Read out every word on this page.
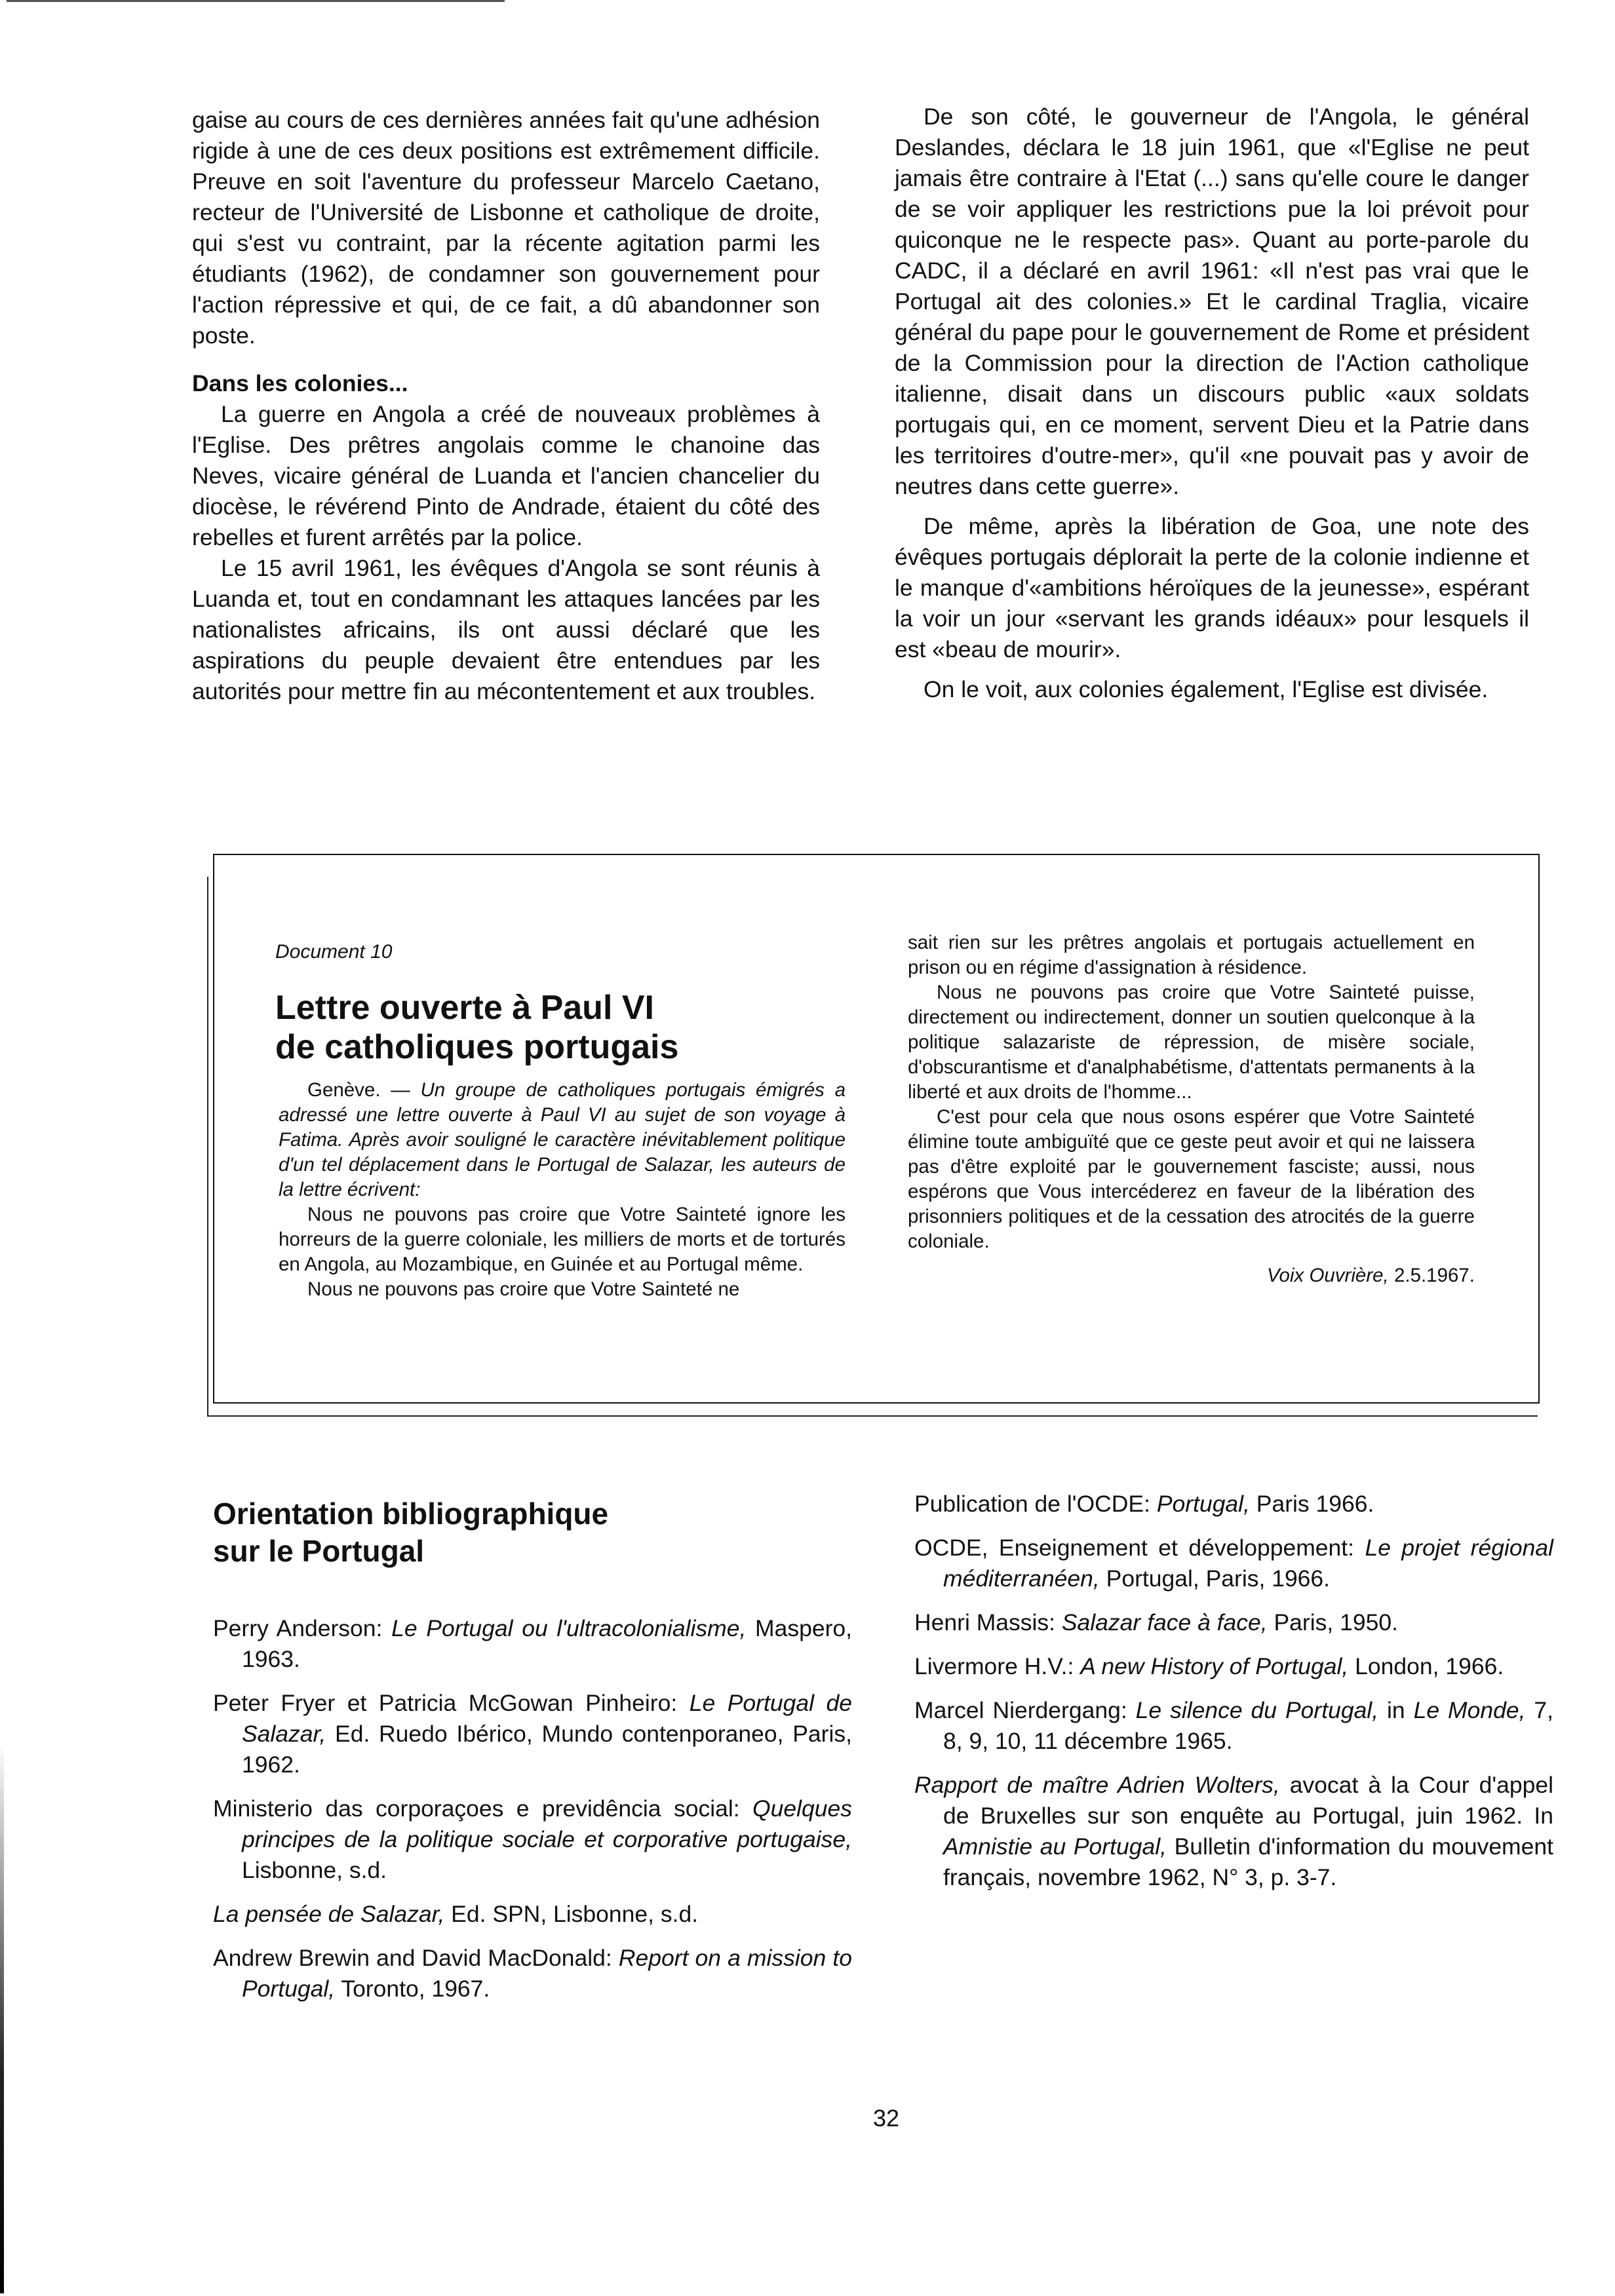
gaise au cours de ces dernières années fait qu'une adhésion rigide à une de ces deux positions est extrêmement difficile. Preuve en soit l'aventure du professeur Marcelo Caetano, recteur de l'Université de Lisbonne et catholique de droite, qui s'est vu contraint, par la récente agitation parmi les étudiants (1962), de condamner son gouvernement pour l'action répressive et qui, de ce fait, a dû abandonner son poste.

Dans les colonies...

La guerre en Angola a créé de nouveaux problèmes à l'Eglise. Des prêtres angolais comme le chanoine das Neves, vicaire général de Luanda et l'ancien chancelier du diocèse, le révérend Pinto de Andrade, étaient du côté des rebelles et furent arrêtés par la police.

Le 15 avril 1961, les évêques d'Angola se sont réunis à Luanda et, tout en condamnant les attaques lancées par les nationalistes africains, ils ont aussi déclaré que les aspirations du peuple devaient être entendues par les autorités pour mettre fin au mécontentement et aux troubles.

De son côté, le gouverneur de l'Angola, le général Deslandes, déclara le 18 juin 1961, que «l'Eglise ne peut jamais être contraire à l'Etat (...) sans qu'elle coure le danger de se voir appliquer les restrictions pue la loi prévoit pour quiconque ne le respecte pas». Quant au porte-parole du CADC, il a déclaré en avril 1961: «Il n'est pas vrai que le Portugal ait des colonies.» Et le cardinal Traglia, vicaire général du pape pour le gouvernement de Rome et président de la Commission pour la direction de l'Action catholique italienne, disait dans un discours public «aux soldats portugais qui, en ce moment, servent Dieu et la Patrie dans les territoires d'outre-mer», qu'il «ne pouvait pas y avoir de neutres dans cette guerre».

De même, après la libération de Goa, une note des évêques portugais déplorait la perte de la colonie indienne et le manque d'«ambitions héroïques de la jeunesse», espérant la voir un jour «servant les grands idéaux» pour lesquels il est «beau de mourir».

On le voit, aux colonies également, l'Eglise est divisée.

Document 10
Lettre ouverte à Paul VI
de catholiques portugais

Genève. — Un groupe de catholiques portugais émigrés a adressé une lettre ouverte à Paul VI au sujet de son voyage à Fatima. Après avoir souligné le caractère inévitablement politique d'un tel déplacement dans le Portugal de Salazar, les auteurs de la lettre écrivent:

Nous ne pouvons pas croire que Votre Sainteté ignore les horreurs de la guerre coloniale, les milliers de morts et de torturés en Angola, au Mozambique, en Guinée et au Portugal même.

Nous ne pouvons pas croire que Votre Sainteté ne

sait rien sur les prêtres angolais et portugais actuellement en prison ou en régime d'assignation à résidence.

Nous ne pouvons pas croire que Votre Sainteté puisse, directement ou indirectement, donner un soutien quelconque à la politique salazariste de répression, de misère sociale, d'obscurantisme et d'analphabétisme, d'attentats permanents à la liberté et aux droits de l'homme...

C'est pour cela que nous osons espérer que Votre Sainteté élimine toute ambiguïté que ce geste peut avoir et qui ne laissera pas d'être exploité par le gouvernement fasciste; aussi, nous espérons que Vous intercéderez en faveur de la libération des prisonniers politiques et de la cessation des atrocités de la guerre coloniale.

Voix Ouvrière, 2.5.1967.

Orientation bibliographique
sur le Portugal

Perry Anderson: Le Portugal ou l'ultracolonialisme, Maspero, 1963.

Peter Fryer et Patricia McGowan Pinheiro: Le Portugal de Salazar, Ed. Ruedo Ibérico, Mundo contenporaneo, Paris, 1962.

Ministerio das corporaçoes e previdência social: Quelques principes de la politique sociale et corporative portugaise, Lisbonne, s.d.

La pensée de Salazar, Ed. SPN, Lisbonne, s.d.

Andrew Brewin and David MacDonald: Report on a mission to Portugal, Toronto, 1967.

Publication de l'OCDE: Portugal, Paris 1966.

OCDE, Enseignement et développement: Le projet régional méditerranéen, Portugal, Paris, 1966.

Henri Massis: Salazar face à face, Paris, 1950.

Livermore H.V.: A new History of Portugal, London, 1966.

Marcel Nierdergang: Le silence du Portugal, in Le Monde, 7, 8, 9, 10, 11 décembre 1965.

Rapport de maître Adrien Wolters, avocat à la Cour d'appel de Bruxelles sur son enquête au Portugal, juin 1962. In Amnistie au Portugal, Bulletin d'information du mouvement français, novembre 1962, N° 3, p. 3-7.

32
